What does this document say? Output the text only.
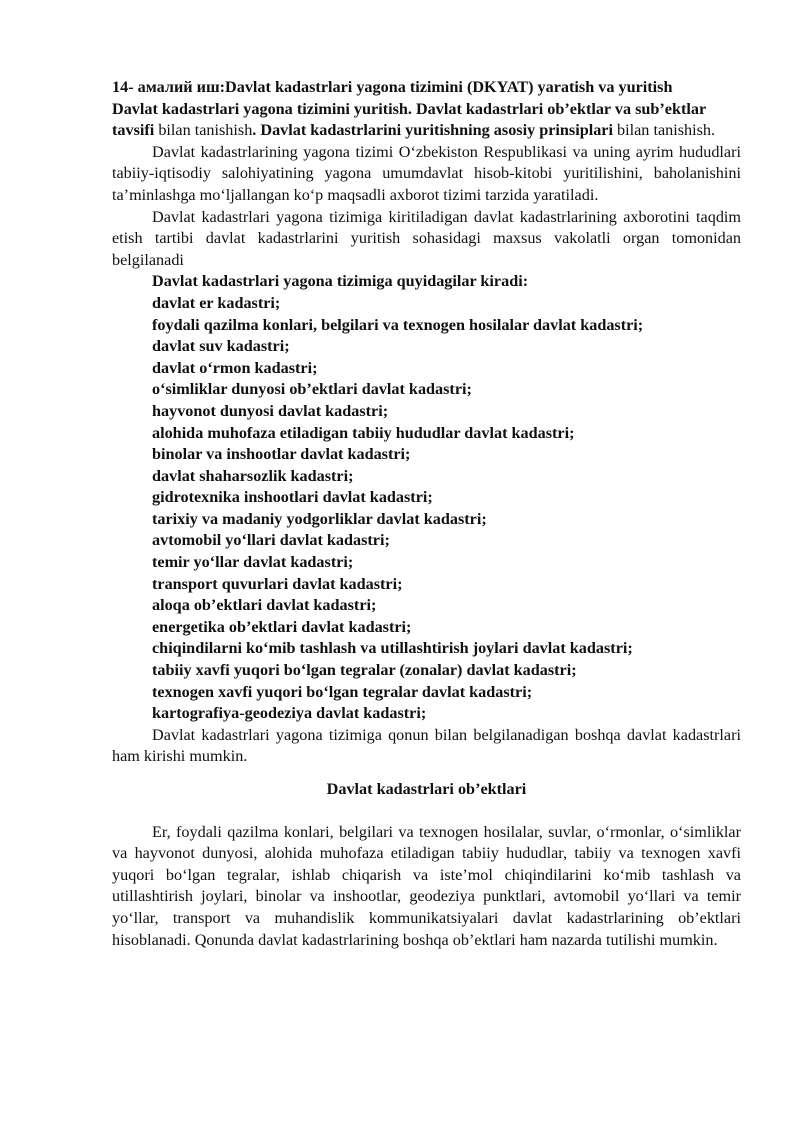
14- амалий иш:Davlat kadastrlari yagona tizimini (DKYAT) yaratish va yuritish

Davlat kadastrlari yagona tizimini yuritish. Davlat kadastrlari ob’ektlar va sub’ektlar tavsifi bilan tanishish. Davlat kadastrlarini yuritishning asosiy prinsiplari bilan tanishish.

Davlat kadastrlarining yagona tizimi O‘zbekiston Respublikasi va uning ayrim hududlari tabiiy-iqtisodiy salohiyatining yagona umumdavlat hisob-kitobi yuritilishini, baholanishini ta’minlashga mo‘ljallangan ko‘p maqsadli axborot tizimi tarzida yaratiladi.

Davlat kadastrlari yagona tizimiga kiritiladigan davlat kadastrlarining axborotini taqdim etish tartibi davlat kadastrlarini yuritish sohasidagi maxsus vakolatli organ tomonidan belgilanadi

Davlat kadastrlari yagona tizimiga quyidagilar kiradi:

davlat er kadastri;
foydali qazilma konlari, belgilari va texnogen hosilalar davlat kadastri;
davlat suv kadastri;
davlat o‘rmon kadastri;
o‘simliklar dunyosi ob’ektlari davlat kadastri;
hayvonot dunyosi davlat kadastri;
alohida muhofaza etiladigan tabiiy hududlar davlat kadastri;
binolar va inshootlar davlat kadastri;
davlat shaharsozlik kadastri;
gidrotexnika inshootlari davlat kadastri;
tarixiy va madaniy yodgorliklar davlat kadastri;
avtomobil yo‘llari davlat kadastri;
temir yo‘llar davlat kadastri;
transport quvurlari davlat kadastri;
aloqa ob’ektlari davlat kadastri;
energetika ob’ektlari davlat kadastri;
chiqindilarni ko‘mib tashlash va utillashtirish joylari davlat kadastri;
tabiiy xavfi yuqori bo‘lgan tegralar (zonalar) davlat kadastri;
texnogen xavfi yuqori bo‘lgan tegralar davlat kadastri;
kartografiya-geodeziya davlat kadastri;

Davlat kadastrlari yagona tizimiga qonun bilan belgilanadigan boshqa davlat kadastrlari ham kirishi mumkin.

Davlat kadastrlari ob’ektlari

Er, foydali qazilma konlari, belgilari va texnogen hosilalar, suvlar, o‘rmonlar, o‘simliklar va hayvonot dunyosi, alohida muhofaza etiladigan tabiiy hududlar, tabiiy va texnogen xavfi yuqori bo‘lgan tegralar, ishlab chiqarish va iste’mol chiqindilarini ko‘mib tashlash va utillashtirish joylari, binolar va inshootlar, geodeziya punktlari, avtomobil yo‘llari va temir yo‘llar, transport va muhandislik kommunikatsiyalari davlat kadastrlarining ob’ektlari hisoblanadi. Qonunda davlat kadastrlarining boshqa ob’ektlari ham nazarda tutilishi mumkin.
